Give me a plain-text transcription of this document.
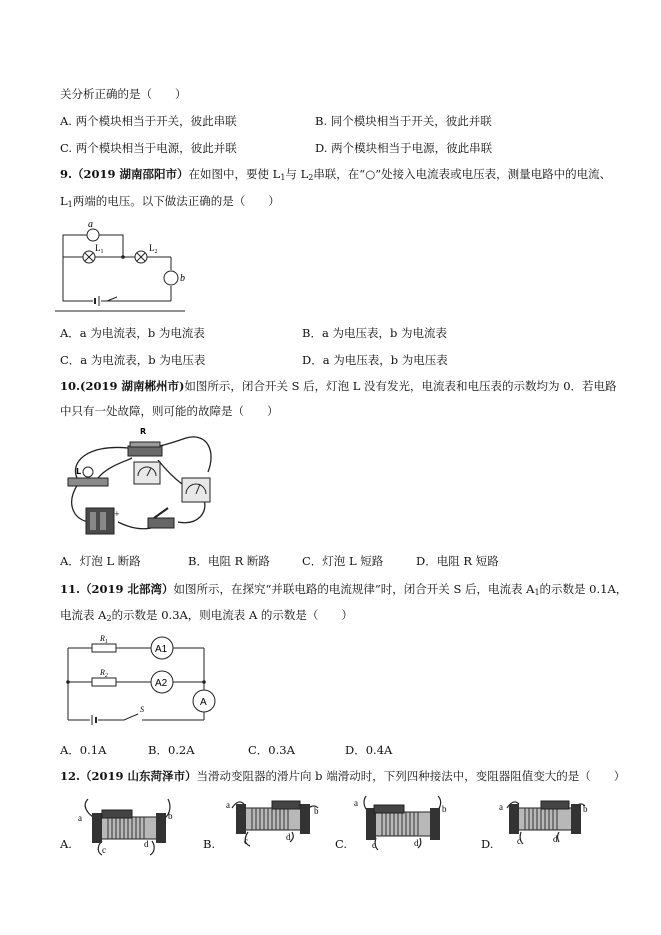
关分析正确的是（　　）
A. 两个模块相当于开关，彼此串联	B. 同个模块相当于开关，彼此并联
C. 两个模块相当于电源，彼此并联	D. 两个模块相当于电源，彼此串联
9.（2019 湖南邵阳市）在如图中，要使 $L_1$与 $L_2$串联，在“○”处接入电流表或电压表，测量电路中的电流、
$L_1$两端的电压。以下做法正确的是（　　）
a
b
$L_1$	$L_2$
A．a 为电流表，b 为电流表	B．a 为电压表，b 为电流表
C．a 为电流表，b 为电压表	D．a 为电压表，b 为电压表
10.(2019 湖南郴州市)如图所示，闭合开关 S 后，灯泡 L 没有发光，电流表和电压表的示数均为 0．若电路
中只有一处故障，则可能的故障是（　　）
R
L
+
A．灯泡 L 断路	B．电阻 R 断路	C．灯泡 L 短路	D．电阻 R 短路
11.（2019 北部湾）如图所示，在探究“并联电路的电流规律”时，闭合开关 S 后，电流表 $A_1$的示数是 0.1A，
电流表 $A_2$的示数是 0.3A，则电流表 A 的示数是（　　）
A1
A2
A
S
$R_1$
$R_2$
A．0.1A	B．0.2A	C．0.3A	D．0.4A
12.（2019 山东菏泽市）当滑动变阻器的滑片向 b 端滑动时，下列四种接法中，变阻器阻值变大的是（　　）
a	b
c
d
A.
a
b
c	d
B.
a
b
c	d
C.
a	b
c	d
D.
